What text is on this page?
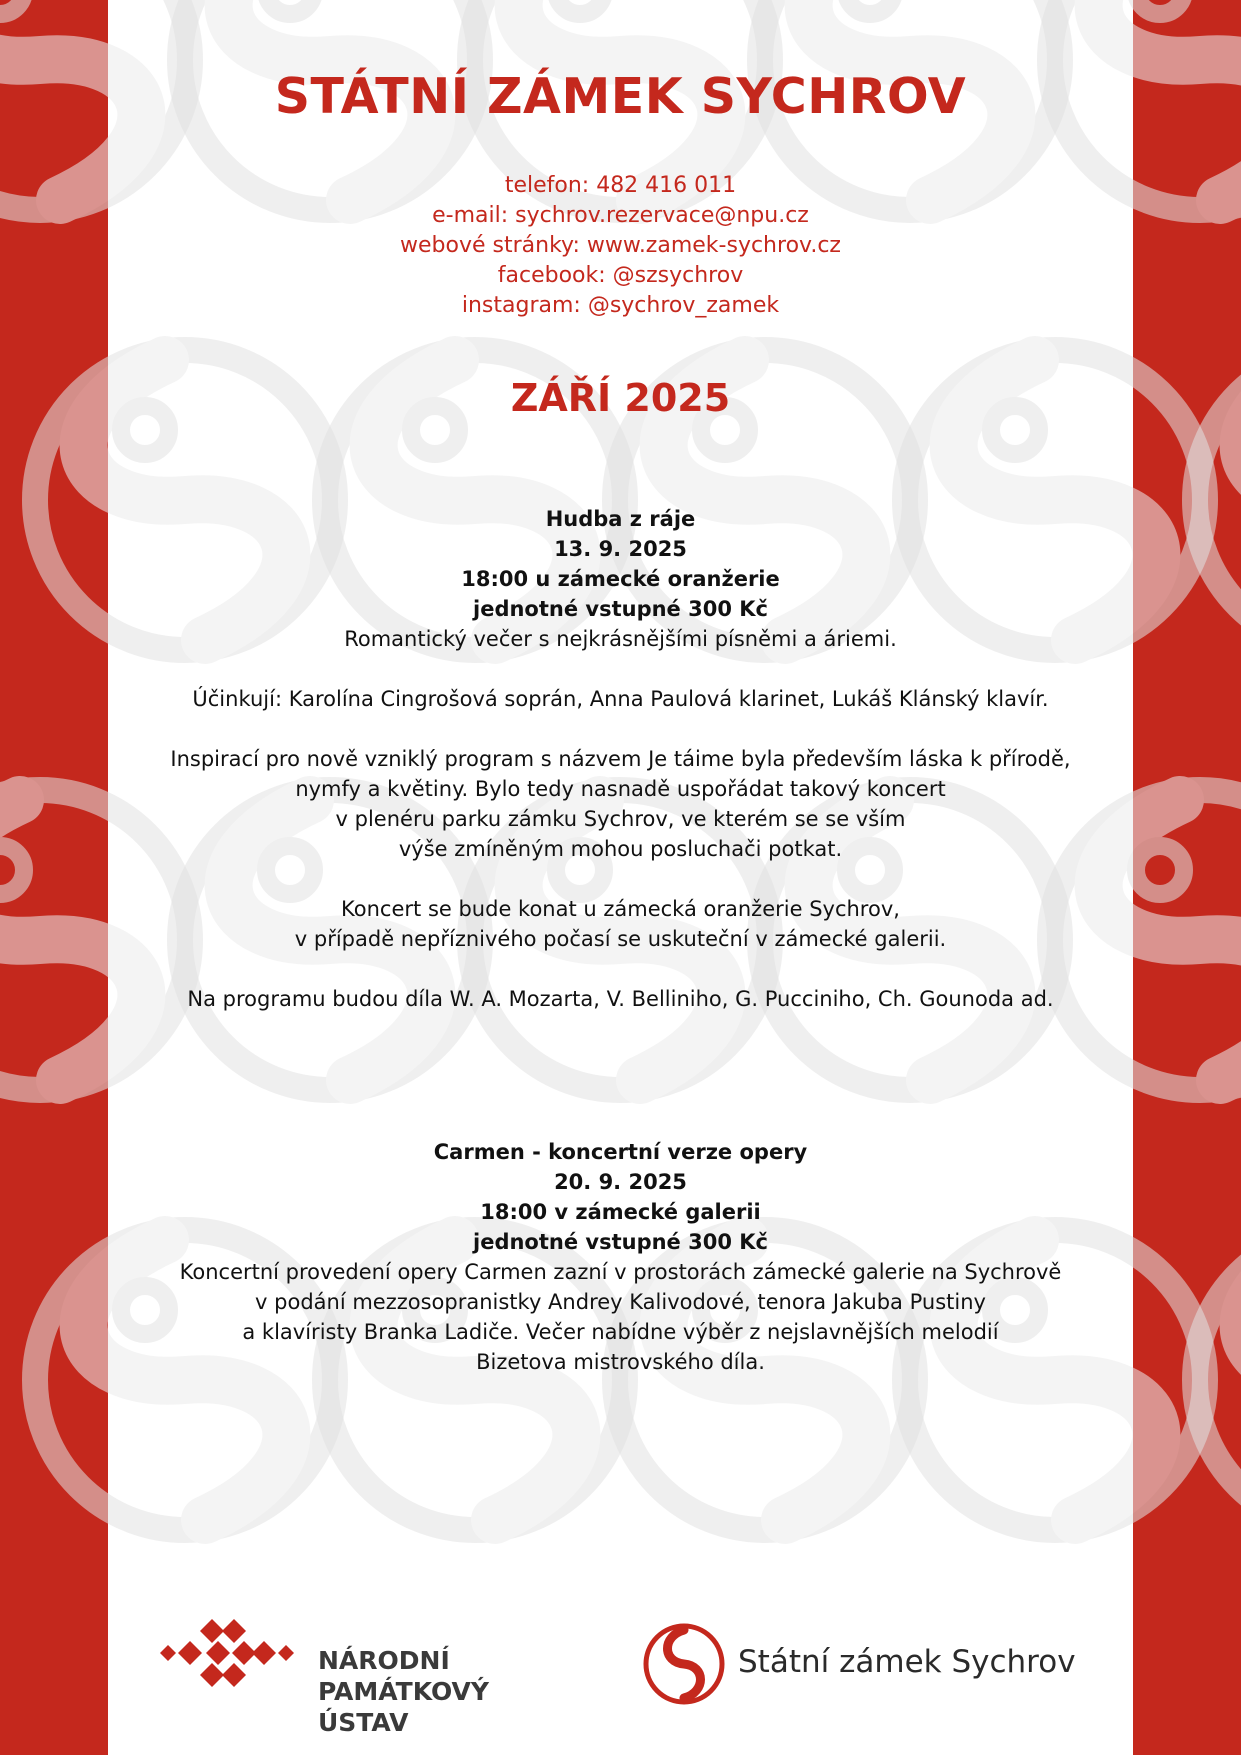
STÁTNÍ ZÁMEK SYCHROV
telefon: 482 416 011
e-mail: sychrov.rezervace@npu.cz
webové stránky: www.zamek-sychrov.cz
facebook: @szsychrov
instagram: @sychrov_zamek
ZÁŘÍ 2025
Hudba z ráje
13. 9. 2025
18:00 u zámecké oranžerie
jednotné vstupné 300 Kč
Romantický večer s nejkrásnějšími písněmi a áriemi.
Účinkují: Karolína Cingrošová soprán, Anna Paulová klarinet, Lukáš Klánský klavír.
Inspirací pro nově vzniklý program s názvem Je táime byla především láska k přírodě,
nymfy a květiny. Bylo tedy nasnadě uspořádat takový koncert
v plenéru parku zámku Sychrov, ve kterém se se vším
výše zmíněným mohou posluchači potkat.
Koncert se bude konat u zámecká oranžerie Sychrov,
v případě nepříznivého počasí se uskuteční v zámecké galerii.
Na programu budou díla W. A. Mozarta, V. Belliniho, G. Pucciniho, Ch. Gounoda ad.
Carmen - koncertní verze opery
20. 9. 2025
18:00 v zámecké galerii
jednotné vstupné 300 Kč
Koncertní provedení opery Carmen zazní v prostorách zámecké galerie na Sychrově
v podání mezzosopranistky Andrey Kalivodové, tenora Jakuba Pustiny
a klavíristy Branka Ladiče. Večer nabídne výběr z nejslavnějších melodií
Bizetova mistrovského díla.
NÁRODNÍ
PAMÁTKOVÝ
ÚSTAV
Státní zámek Sychrov
